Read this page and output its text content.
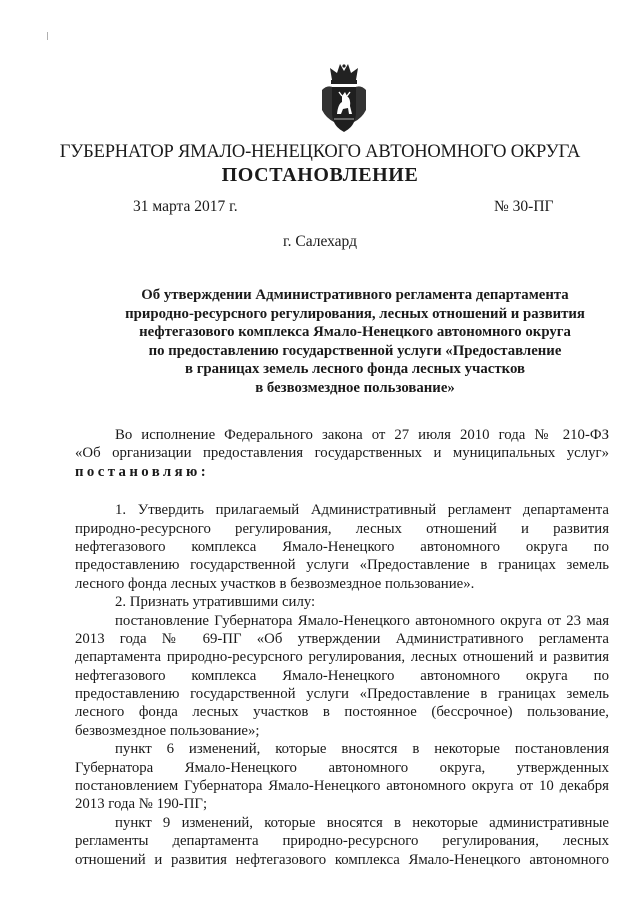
ГУБЕРНАТОР ЯМАЛО-НЕНЕЦКОГО АВТОНОМНОГО ОКРУГА
ПОСТАНОВЛЕНИЕ
31 марта 2017 г.	№ 30-ПГ
г. Салехард
Об утверждении Административного регламента департамента
природно-ресурсного регулирования, лесных отношений и развития
нефтегазового комплекса Ямало-Ненецкого автономного округа
по предоставлению государственной услуги «Предоставление
в границах земель лесного фонда лесных участков
в безвозмездное пользование»
Во исполнение Федерального закона от 27 июля 2010 года № 210-ФЗ
«Об организации предоставления государственных и муниципальных услуг»
постановляю:
1. Утвердить прилагаемый Административный регламент департамента
природно-ресурсного регулирования, лесных отношений и развития
нефтегазового комплекса Ямало-Ненецкого автономного округа по
предоставлению государственной услуги «Предоставление в границах земель
лесного фонда лесных участков в безвозмездное пользование».
2. Признать утратившими силу:
постановление Губернатора Ямало-Ненецкого автономного округа от 23 мая
2013 года № 69-ПГ «Об утверждении Административного регламента
департамента природно-ресурсного регулирования, лесных отношений и развития
нефтегазового комплекса Ямало-Ненецкого автономного округа по
предоставлению государственной услуги «Предоставление в границах земель
лесного фонда лесных участков в постоянное (бессрочное) пользование,
безвозмездное пользование»;
пункт 6 изменений, которые вносятся в некоторые постановления
Губернатора Ямало-Ненецкого автономного округа, утвержденных
постановлением Губернатора Ямало-Ненецкого автономного округа от 10 декабря
2013 года № 190-ПГ;
пункт 9 изменений, которые вносятся в некоторые административные
регламенты департамента природно-ресурсного регулирования, лесных
отношений и развития нефтегазового комплекса Ямало-Ненецкого автономного
